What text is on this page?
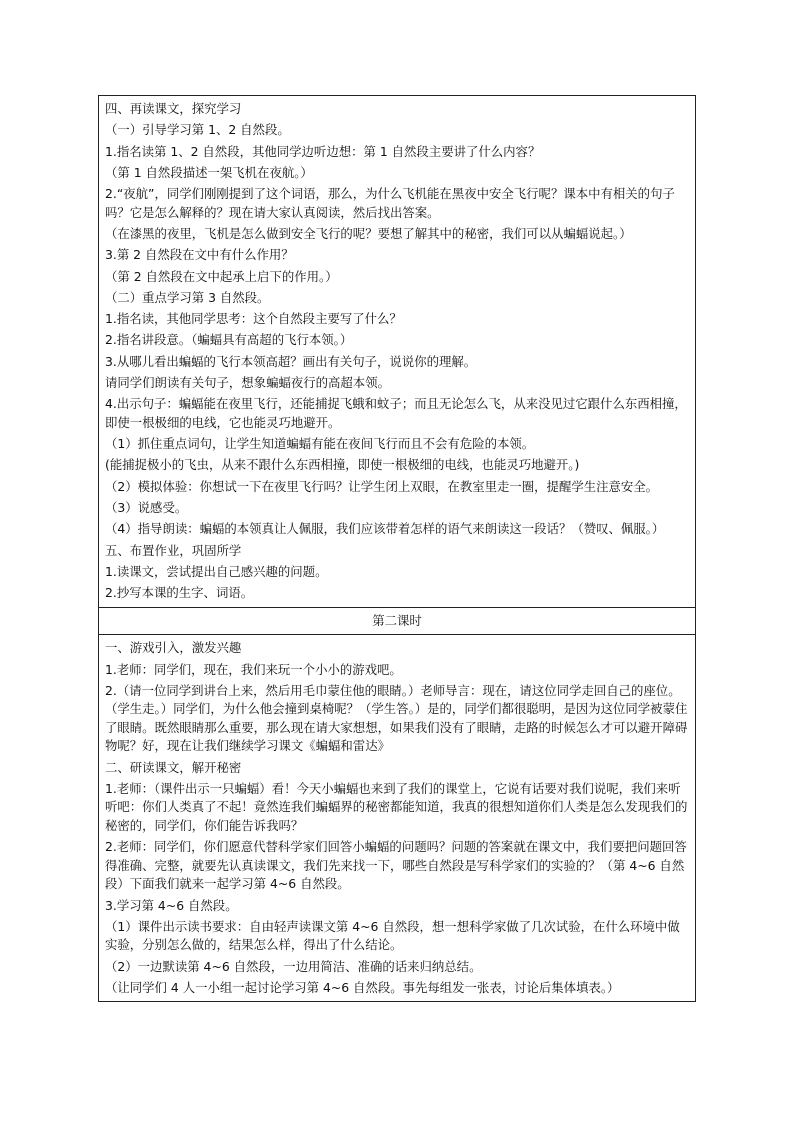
四、再读课文，探究学习

（一）引导学习第 1、2 自然段。

1.指名读第 1、2 自然段，其他同学边听边想：第 1 自然段主要讲了什么内容？

（第 1 自然段描述一架飞机在夜航。）

2.“夜航”，同学们刚刚提到了这个词语，那么，为什么飞机能在黑夜中安全飞行呢？课本中有相关的句子吗？它是怎么解释的？现在请大家认真阅读，然后找出答案。

（在漆黑的夜里，飞机是怎么做到安全飞行的呢？要想了解其中的秘密，我们可以从蝙蝠说起。）

3.第 2 自然段在文中有什么作用？

（第 2 自然段在文中起承上启下的作用。）

（二）重点学习第 3 自然段。

1.指名读，其他同学思考：这个自然段主要写了什么？

2.指名讲段意。（蝙蝠具有高超的飞行本领。）

3.从哪儿看出蝙蝠的飞行本领高超？画出有关句子，说说你的理解。

请同学们朗读有关句子，想象蝙蝠夜行的高超本领。

4.出示句子：蝙蝠能在夜里飞行，还能捕捉飞蛾和蚊子；而且无论怎么飞，从来没见过它跟什么东西相撞，即使一根极细的电线，它也能灵巧地避开。

（1）抓住重点词句，让学生知道蝙蝠有能在夜间飞行而且不会有危险的本领。

(能捕捉极小的飞虫，从来不跟什么东西相撞，即使一根极细的电线，也能灵巧地避开。)

（2）模拟体验：你想试一下在夜里飞行吗？让学生闭上双眼，在教室里走一圈，提醒学生注意安全。

（3）说感受。

（4）指导朗读：蝙蝠的本领真让人佩服，我们应该带着怎样的语气来朗读这一段话？（赞叹、佩服。）

五、布置作业，巩固所学

1.读课文，尝试提出自己感兴趣的问题。

2.抄写本课的生字、词语。

第二课时

一、游戏引入，激发兴趣

1.老师：同学们，现在，我们来玩一个小小的游戏吧。

2.（请一位同学到讲台上来，然后用毛巾蒙住他的眼睛。）老师导言：现在，请这位同学走回自己的座位。（学生走。）同学们，为什么他会撞到桌椅呢？（学生答。）是的，同学们都很聪明，是因为这位同学被蒙住了眼睛。既然眼睛那么重要，那么现在请大家想想，如果我们没有了眼睛，走路的时候怎么才可以避开障碍物呢？好，现在让我们继续学习课文《蝙蝠和雷达》

二、研读课文，解开秘密

1.老师：（课件出示一只蝙蝠）看！今天小蝙蝠也来到了我们的课堂上，它说有话要对我们说呢，我们来听听吧：你们人类真了不起！竟然连我们蝙蝠界的秘密都能知道，我真的很想知道你们人类是怎么发现我们的秘密的，同学们，你们能告诉我吗？

2.老师：同学们，你们愿意代替科学家们回答小蝙蝠的问题吗？问题的答案就在课文中，我们要把问题回答得准确、完整，就要先认真读课文，我们先来找一下，哪些自然段是写科学家们的实验的？（第 4~6 自然段）下面我们就来一起学习第 4~6 自然段。

3.学习第 4~6 自然段。

（1）课件出示读书要求：自由轻声读课文第 4~6 自然段，想一想科学家做了几次试验，在什么环境中做实验，分别怎么做的，结果怎么样，得出了什么结论。

（2）一边默读第 4~6 自然段，一边用简洁、准确的话来归纳总结。

（让同学们 4 人一小组一起讨论学习第 4~6 自然段。事先每组发一张表，讨论后集体填表。）
